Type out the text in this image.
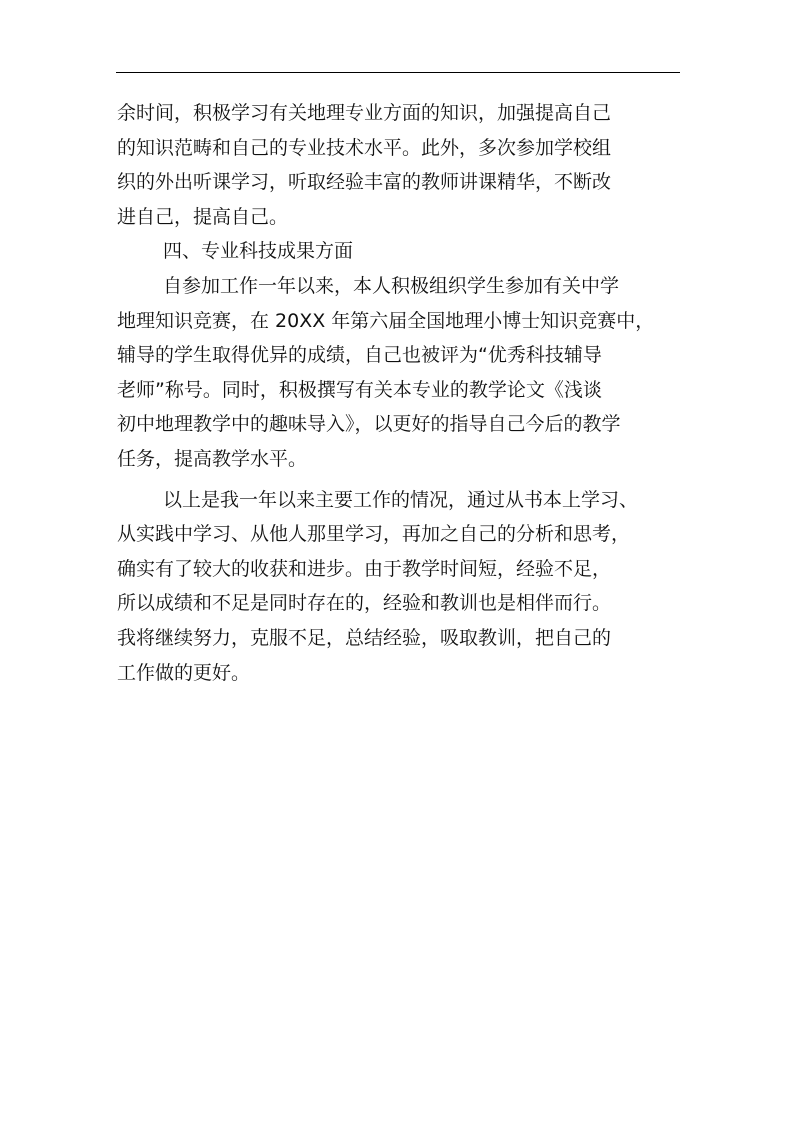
余时间，积极学习有关地理专业方面的知识，加强提高自己
的知识范畴和自己的专业技术水平。此外，多次参加学校组
织的外出听课学习，听取经验丰富的教师讲课精华，不断改
进自己，提高自己。
四、专业科技成果方面
自参加工作一年以来，本人积极组织学生参加有关中学
地理知识竞赛，在 20XX 年第六届全国地理小博士知识竞赛中，
辅导的学生取得优异的成绩，自己也被评为“优秀科技辅导
老师”称号。同时，积极撰写有关本专业的教学论文《浅谈
初中地理教学中的趣味导入》，以更好的指导自己今后的教学
任务，提高教学水平。
以上是我一年以来主要工作的情况，通过从书本上学习、
从实践中学习、从他人那里学习，再加之自己的分析和思考，
确实有了较大的收获和进步。由于教学时间短，经验不足，
所以成绩和不足是同时存在的，经验和教训也是相伴而行。
我将继续努力，克服不足，总结经验，吸取教训，把自己的
工作做的更好。
